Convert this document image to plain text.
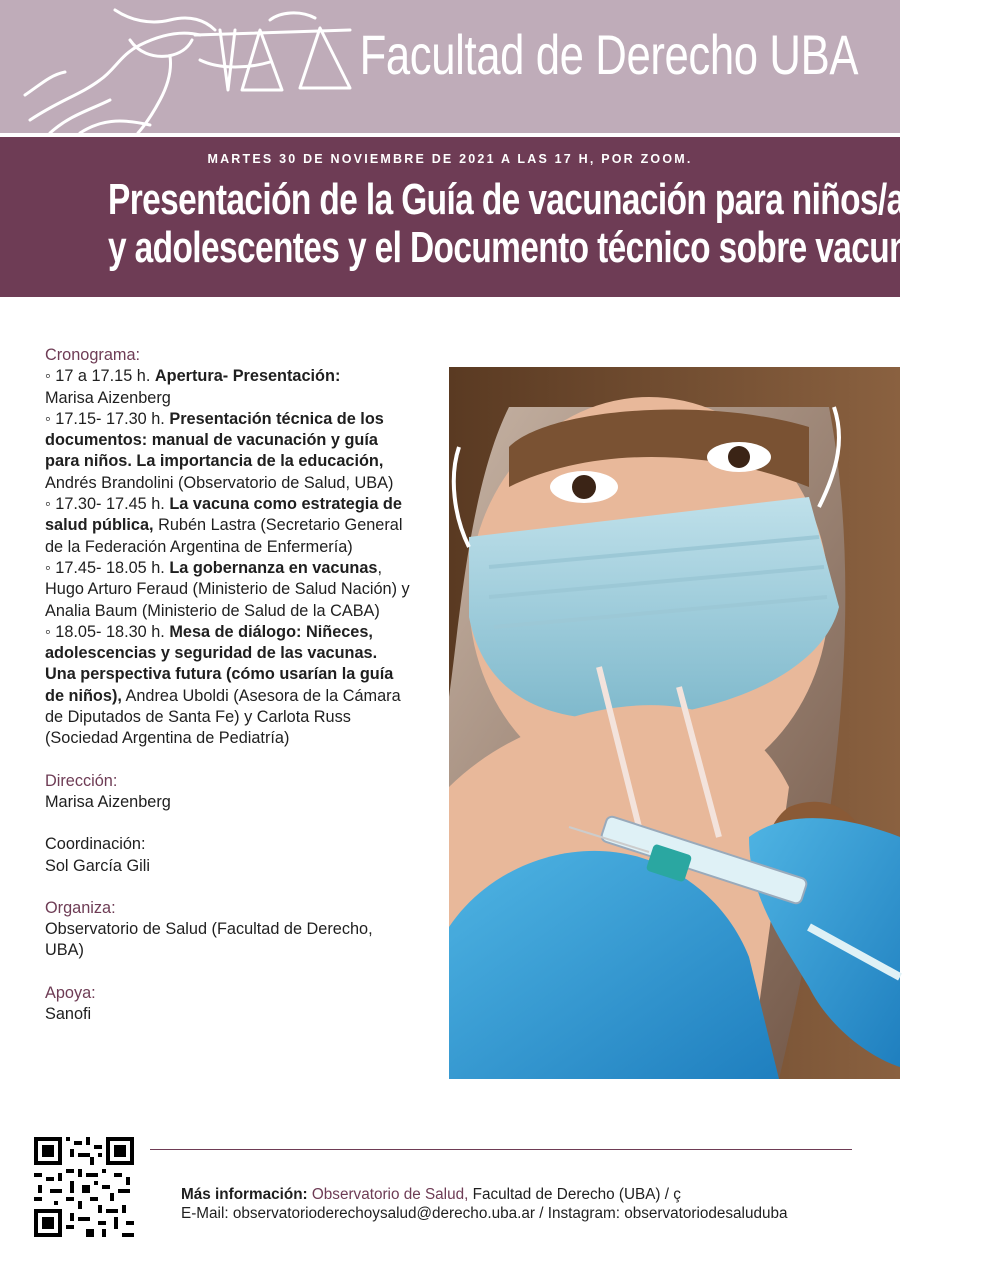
Facultad de Derecho UBA
MARTES 30 DE NOVIEMBRE DE 2021 A LAS 17 H, POR ZOOM.
Presentación de la Guía de vacunación para niños/as
y adolescentes y el Documento técnico sobre vacunación
Cronograma:
◦ 17 a 17.15 h. Apertura- Presentación:
Marisa Aizenberg
◦ 17.15- 17.30 h. Presentación técnica de los documentos: manual de vacunación y guía para niños. La importancia de la educación, Andrés Brandolini (Observatorio de Salud, UBA)
◦ 17.30- 17.45 h. La vacuna como estrategia de salud pública, Rubén Lastra (Secretario General de la Federación Argentina de Enfermería)
◦ 17.45- 18.05 h. La gobernanza en vacunas, Hugo Arturo Feraud (Ministerio de Salud Nación) y Analia Baum (Ministerio de Salud de la CABA)
◦ 18.05- 18.30 h. Mesa de diálogo: Niñeces, adolescencias y seguridad de las vacunas. Una perspectiva futura (cómo usarían la guía de niños), Andrea Uboldi (Asesora de la Cámara de Diputados de Santa Fe) y Carlota Russ (Sociedad Argentina de Pediatría)
Dirección:
Marisa Aizenberg
Coordinación:
Sol García Gili
Organiza:
Observatorio de Salud (Facultad de Derecho, UBA)
Apoya:
Sanofi
Más información: Observatorio de Salud, Facultad de Derecho (UBA) / ç
E-Mail: observatorioderechoysalud@derecho.uba.ar / Instagram: observatoriodesaluduba
